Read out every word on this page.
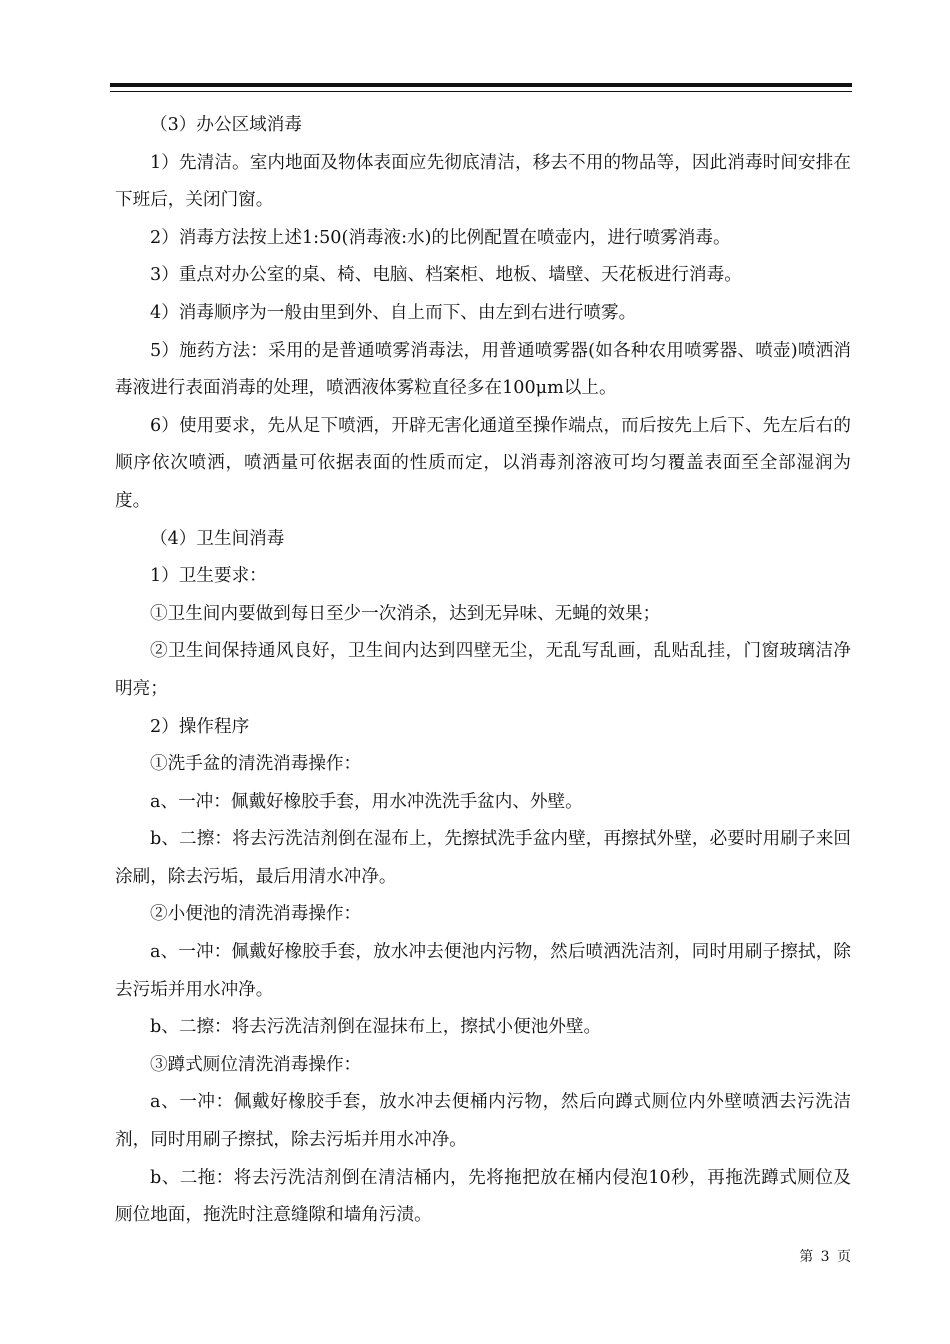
（3）办公区域消毒

1）先清洁。室内地面及物体表面应先彻底清洁，移去不用的物品等，因此消毒时间安排在下班后，关闭门窗。

2）消毒方法按上述1:50(消毒液:水)的比例配置在喷壶内，进行喷雾消毒。

3）重点对办公室的桌、椅、电脑、档案柜、地板、墙壁、天花板进行消毒。

4）消毒顺序为一般由里到外、自上而下、由左到右进行喷雾。

5）施药方法：采用的是普通喷雾消毒法，用普通喷雾器(如各种农用喷雾器、喷壶)喷洒消毒液进行表面消毒的处理，喷洒液体雾粒直径多在100μm以上。

6）使用要求，先从足下喷洒，开辟无害化通道至操作端点，而后按先上后下、先左后右的顺序依次喷洒，喷洒量可依据表面的性质而定，以消毒剂溶液可均匀覆盖表面至全部湿润为度。

（4）卫生间消毒

1）卫生要求：

①卫生间内要做到每日至少一次消杀，达到无异味、无蝇的效果；

②卫生间保持通风良好，卫生间内达到四壁无尘，无乱写乱画，乱贴乱挂，门窗玻璃洁净明亮；

2）操作程序

①洗手盆的清洗消毒操作：

a、一冲：佩戴好橡胶手套，用水冲洗洗手盆内、外壁。

b、二擦：将去污洗洁剂倒在湿布上，先擦拭洗手盆内壁，再擦拭外壁，必要时用刷子来回涂刷，除去污垢，最后用清水冲净。

②小便池的清洗消毒操作：

a、一冲：佩戴好橡胶手套，放水冲去便池内污物，然后喷洒洗洁剂，同时用刷子擦拭，除去污垢并用水冲净。

b、二擦：将去污洗洁剂倒在湿抹布上，擦拭小便池外壁。

③蹲式厕位清洗消毒操作：

a、一冲：佩戴好橡胶手套，放水冲去便桶内污物，然后向蹲式厕位内外壁喷洒去污洗洁剂，同时用刷子擦拭，除去污垢并用水冲净。

b、二拖：将去污洗洁剂倒在清洁桶内，先将拖把放在桶内侵泡10秒，再拖洗蹲式厕位及厕位地面，拖洗时注意缝隙和墙角污渍。

第 3 页
